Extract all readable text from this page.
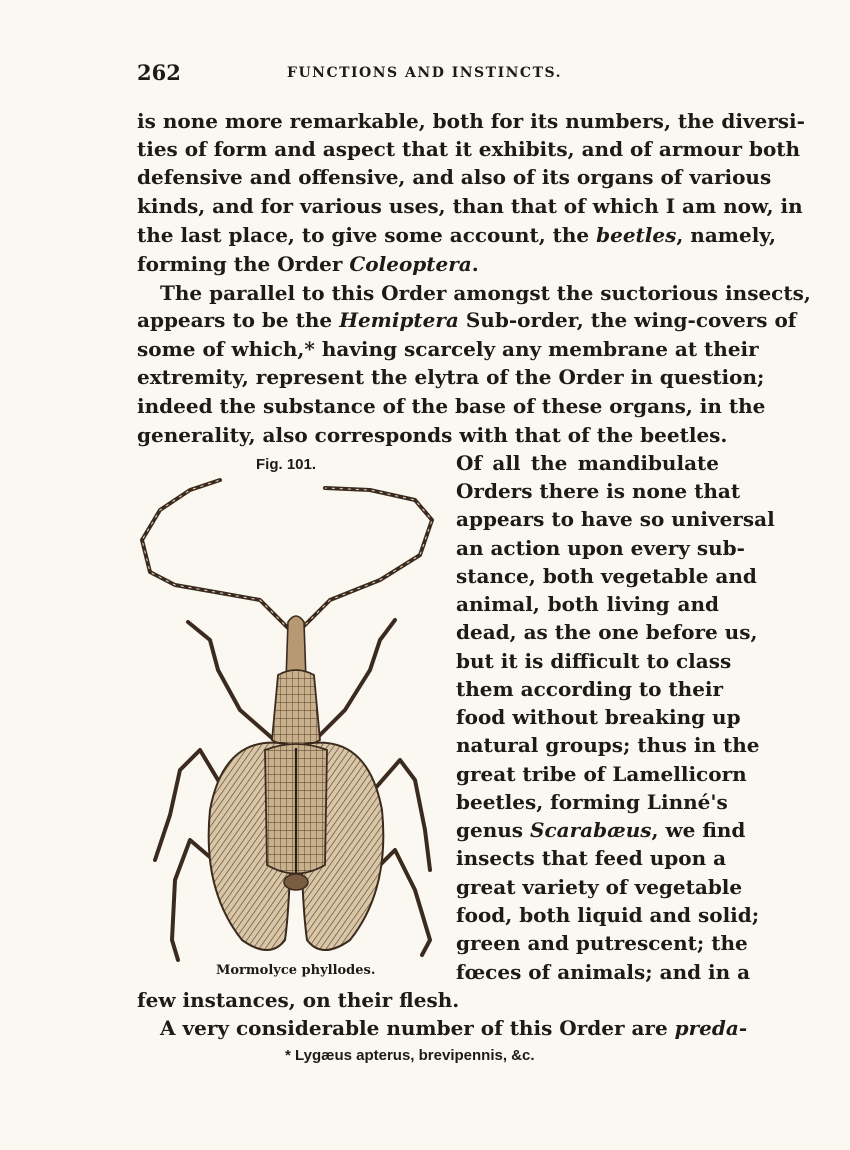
262	FUNCTIONS AND INSTINCTS.
is none more remarkable, both for its numbers, the diversi-
ties of form and aspect that it exhibits, and of armour both
defensive and offensive, and also of its organs of various
kinds, and for various uses, than that of which I am now, in
the last place, to give some account, the beetles, namely,
forming the Order Coleoptera.
The parallel to this Order amongst the suctorious insects,
appears to be the Hemiptera Sub-order, the wing-covers of
some of which,* having scarcely any membrane at their
extremity, represent the elytra of the Order in question;
indeed the substance of the base of these organs, in the
generality, also corresponds with that of the beetles.
Fig. 101.
Mormolyce phyllodes.
Of all the mandibulate
Orders there is none that
appears to have so universal
an action upon every sub-
stance, both vegetable and
animal, both living and
dead, as the one before us,
but it is difficult to class
them according to their
food without breaking up
natural groups; thus in the
great tribe of Lamellicorn
beetles, forming Linné's
genus Scarabæus, we find
insects that feed upon a
great variety of vegetable
food, both liquid and solid;
green and putrescent; the
fœces of animals; and in a
few instances, on their flesh.
A very considerable number of this Order are preda-
* Lygæus apterus, brevipennis, &c.
